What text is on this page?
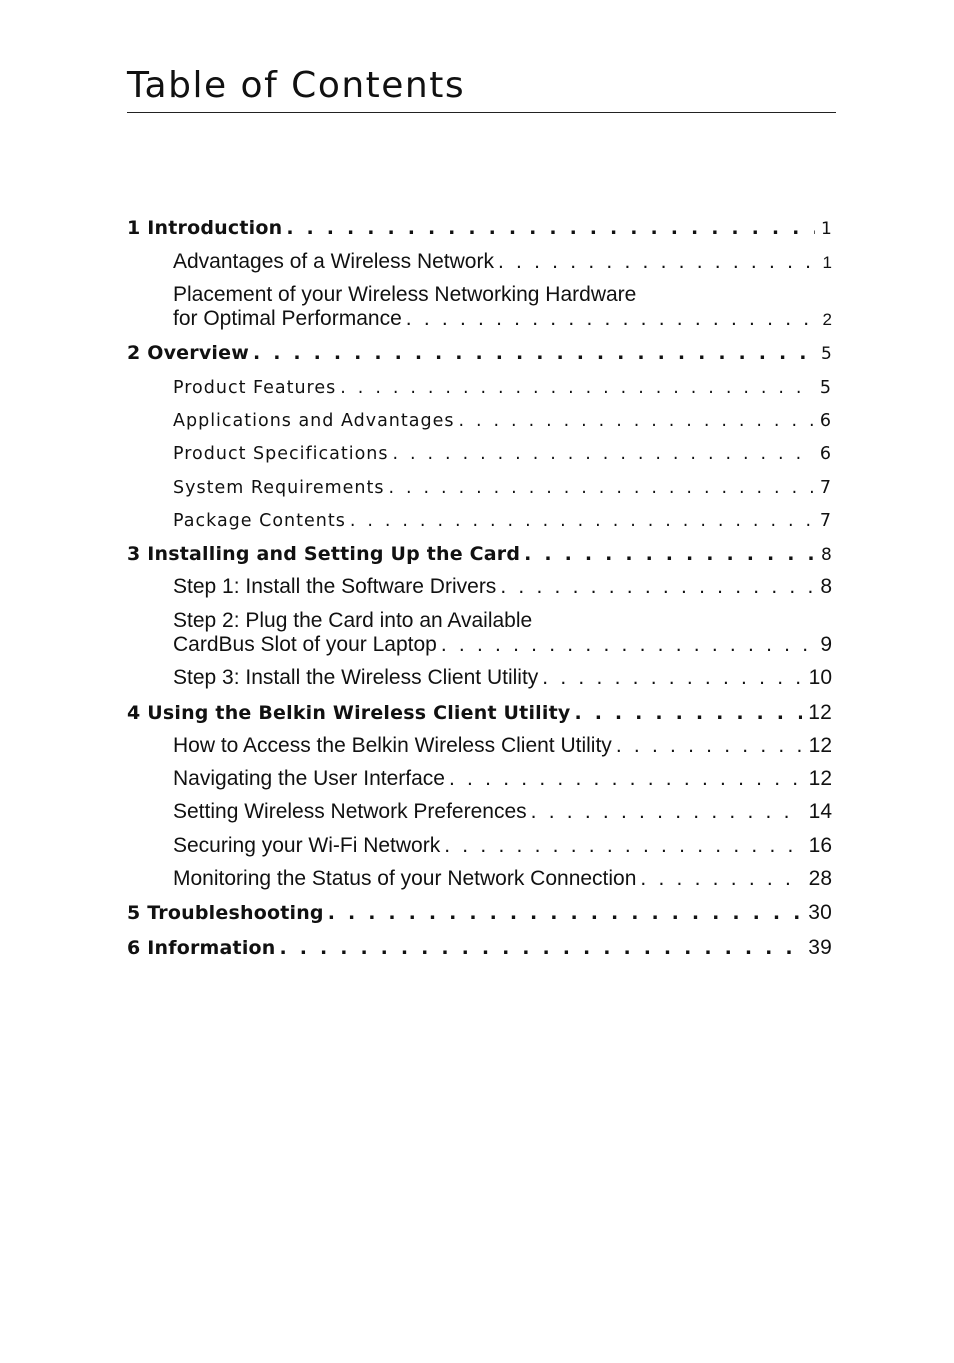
Table of Contents
1 Introduction . . .	1
Advantages of a Wireless Network . . .	1
Placement of your Wireless Networking Hardware
for Optimal Performance . . .	2
2 Overview . . .	5
Product Features . . .	5
Applications and Advantages . . .	6
Product Specifications . . .	6
System Requirements . . .	7
Package Contents . . .	7
3 Installing and Setting Up the Card . . .	8
Step 1: Install the Software Drivers . . .	8
Step 2: Plug the Card into an Available
CardBus Slot of your Laptop . . .	9
Step 3: Install the Wireless Client Utility . . .	10
4 Using the Belkin Wireless Client Utility . . .	12
How to Access the Belkin Wireless Client Utility . . .	12
Navigating the User Interface . . .	12
Setting Wireless Network Preferences . . .	14
Securing your Wi-Fi Network . . .	16
Monitoring the Status of your Network Connection . . .	28
5 Troubleshooting . . .	30
6 Information . . .	39
